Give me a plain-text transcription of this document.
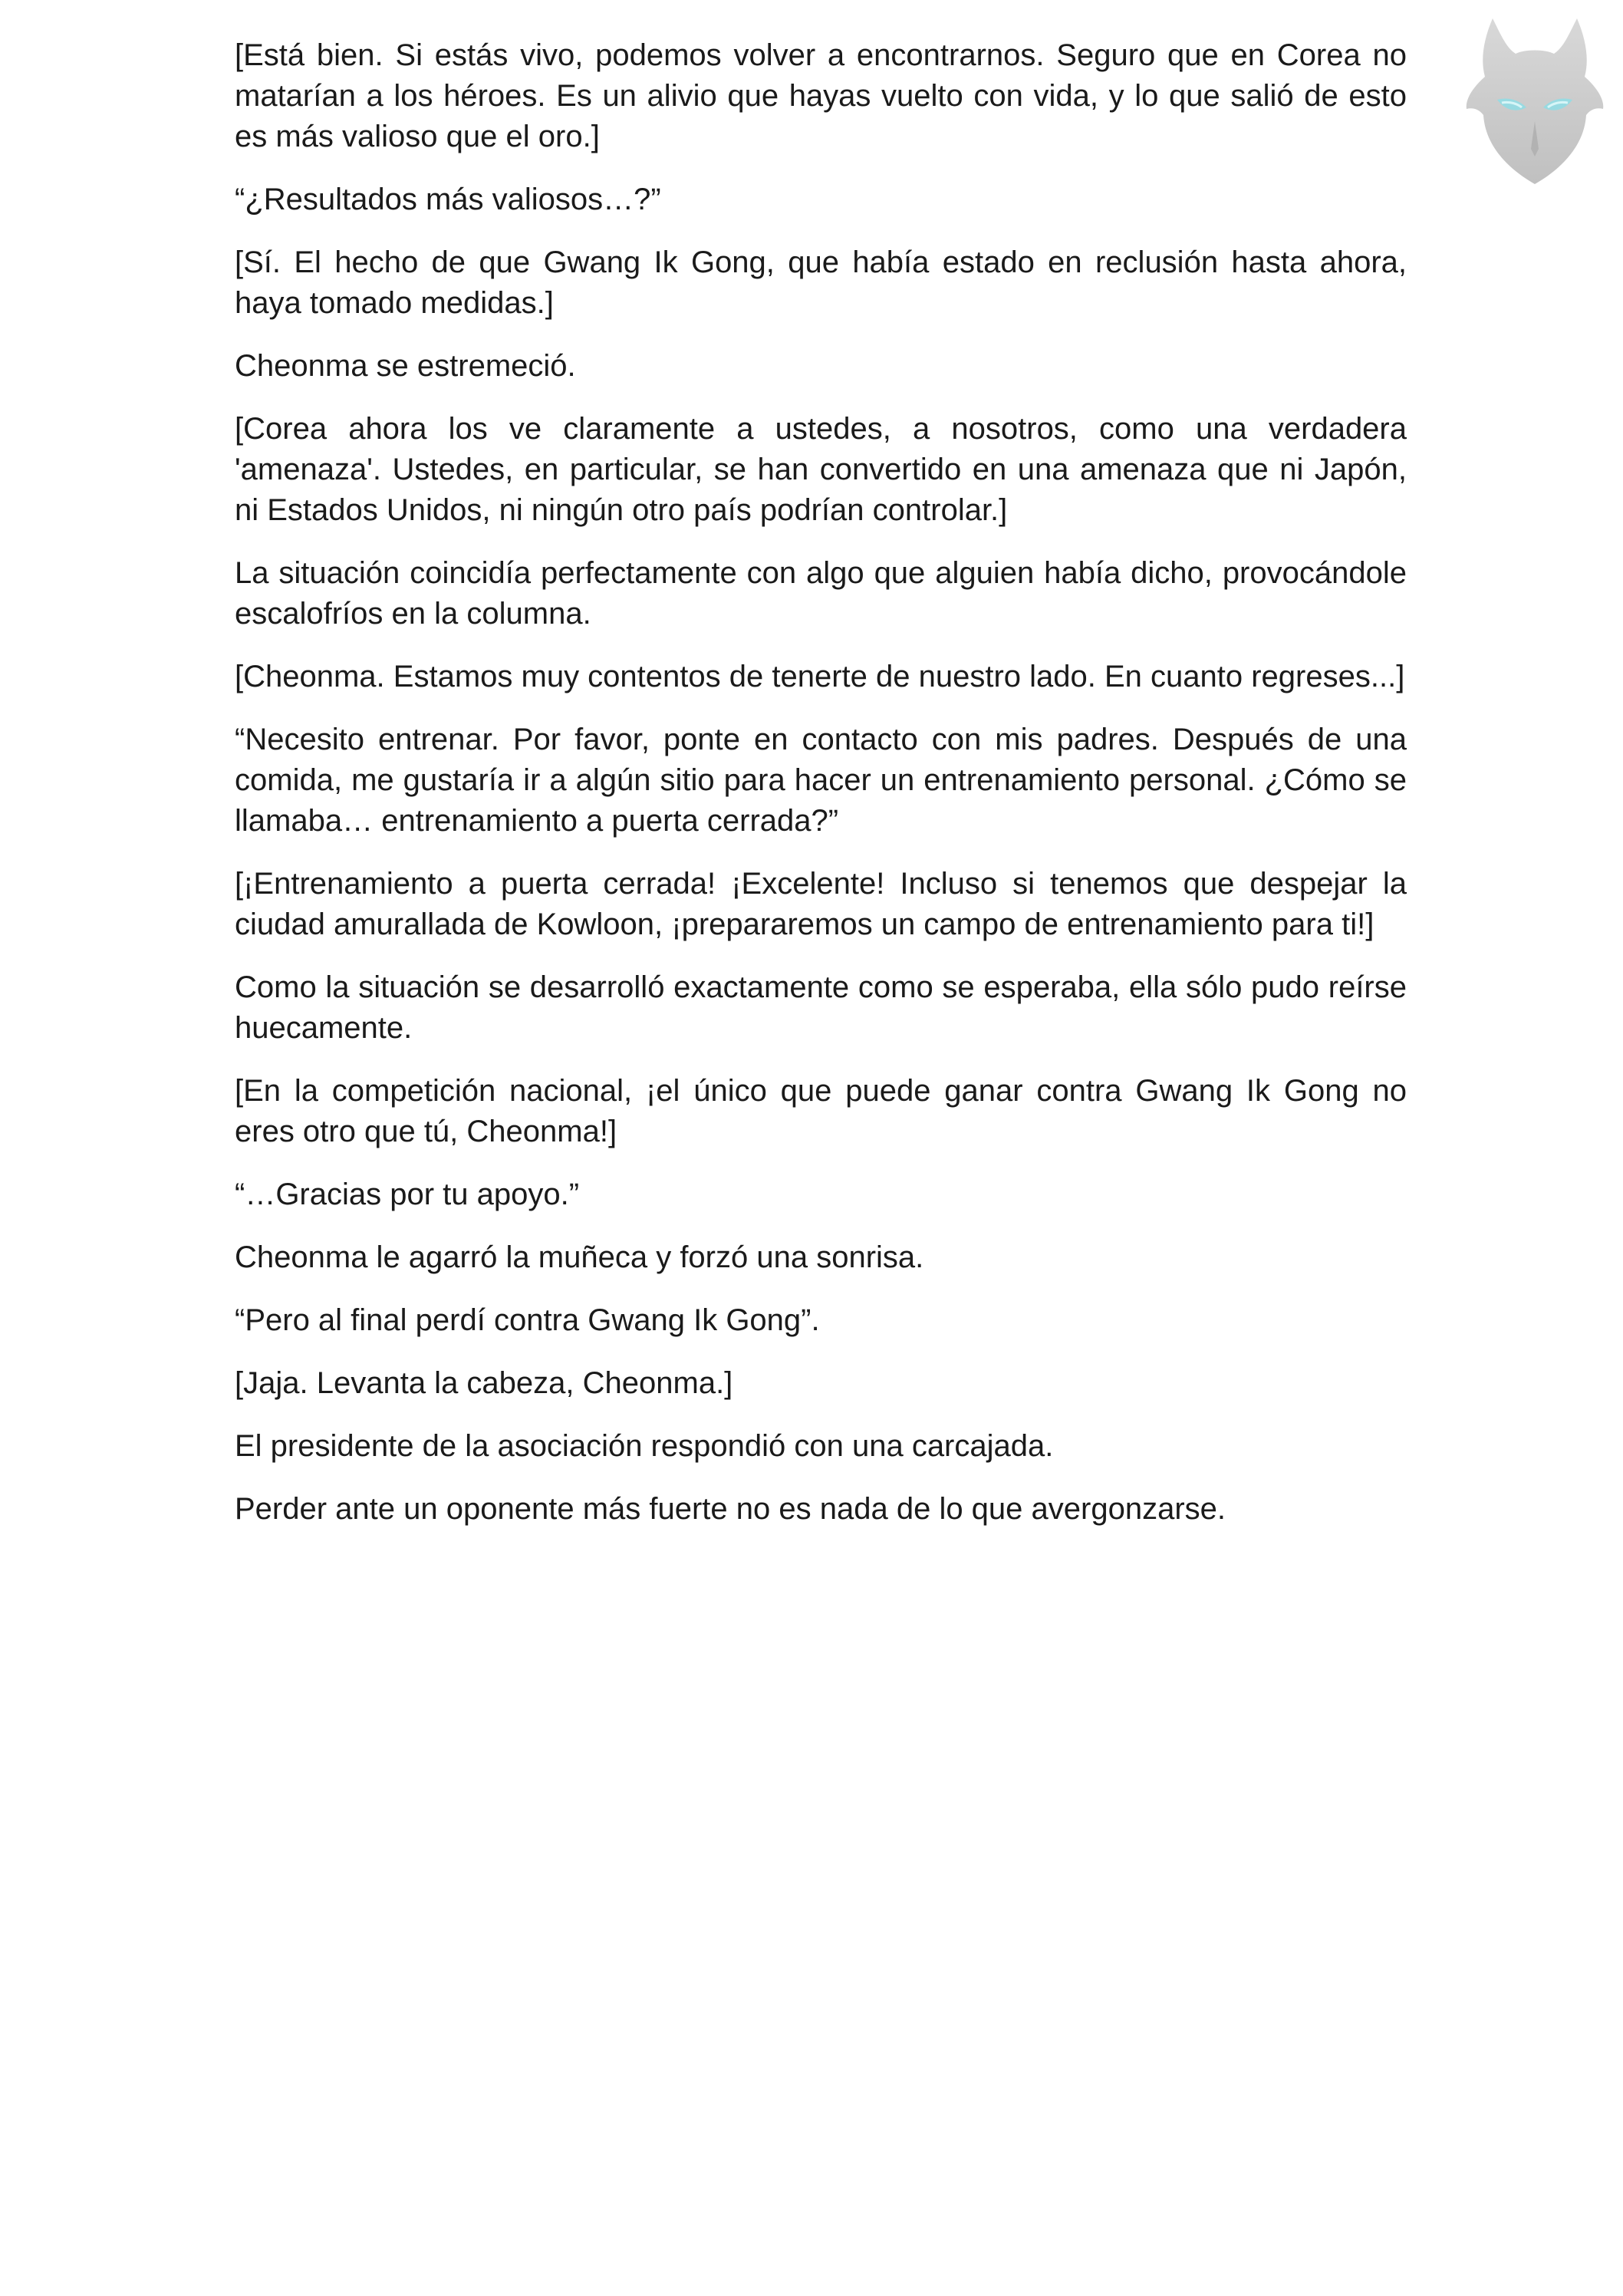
[Está bien. Si estás vivo, podemos volver a encontrarnos. Seguro que en Corea no matarían a los héroes. Es un alivio que hayas vuelto con vida, y lo que salió de esto es más valioso que el oro.]

“¿Resultados más valiosos…?”

[Sí. El hecho de que Gwang Ik Gong, que había estado en reclusión hasta ahora, haya tomado medidas.]

Cheonma se estremeció.

[Corea ahora los ve claramente a ustedes, a nosotros, como una verdadera 'amenaza'. Ustedes, en particular, se han convertido en una amenaza que ni Japón, ni Estados Unidos, ni ningún otro país podrían controlar.]

La situación coincidía perfectamente con algo que alguien había dicho, provocándole escalofríos en la columna.

[Cheonma. Estamos muy contentos de tenerte de nuestro lado. En cuanto regreses...]

“Necesito entrenar. Por favor, ponte en contacto con mis padres. Después de una comida, me gustaría ir a algún sitio para hacer un entrenamiento personal. ¿Cómo se llamaba… entrenamiento a puerta cerrada?”

[¡Entrenamiento a puerta cerrada! ¡Excelente! Incluso si tenemos que despejar la ciudad amurallada de Kowloon, ¡prepararemos un campo de entrenamiento para ti!]

Como la situación se desarrolló exactamente como se esperaba, ella sólo pudo reírse huecamente.

[En la competición nacional, ¡el único que puede ganar contra Gwang Ik Gong no eres otro que tú, Cheonma!]

“…Gracias por tu apoyo.”

Cheonma le agarró la muñeca y forzó una sonrisa.

“Pero al final perdí contra Gwang Ik Gong”.

[Jaja. Levanta la cabeza, Cheonma.]

El presidente de la asociación respondió con una carcajada.

Perder ante un oponente más fuerte no es nada de lo que avergonzarse.
